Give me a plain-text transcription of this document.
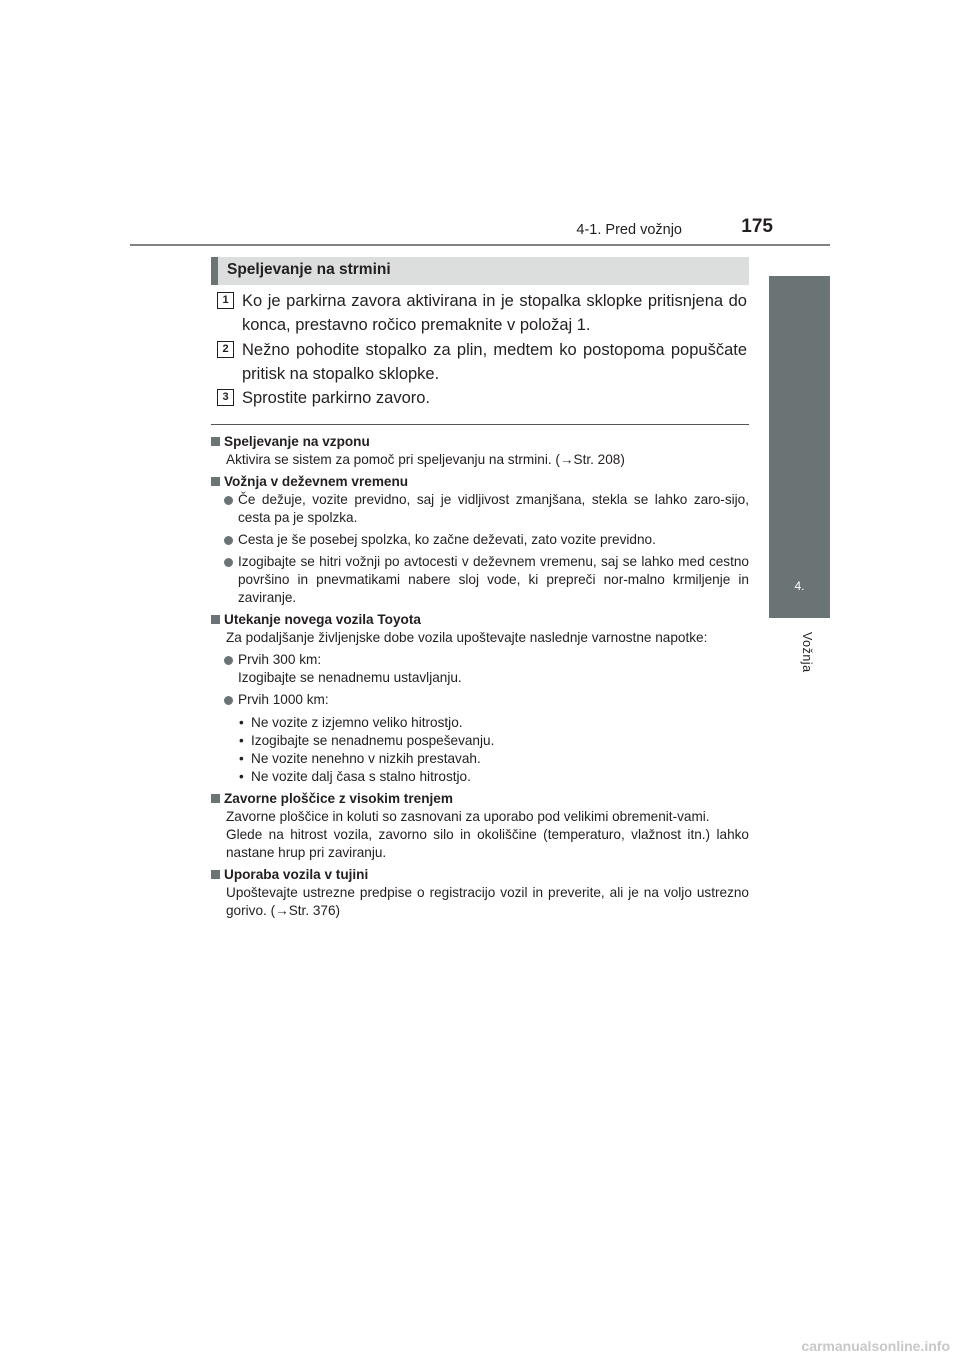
4-1. Pred vožnjo	175
4.
Vožnja
Speljevanje na strmini
1 Ko je parkirna zavora aktivirana in je stopalka sklopke pritisnjena do konca, prestavno ročico premaknite v položaj 1.
2 Nežno pohodite stopalko za plin, medtem ko postopoma popuščate pritisk na stopalko sklopke.
3 Sprostite parkirno zavoro.
Speljevanje na vzponu
Aktivira se sistem za pomoč pri speljevanju na strmini. (→Str. 208)
Vožnja v deževnem vremenu
Če dežuje, vozite previdno, saj je vidljivost zmanjšana, stekla se lahko zaro-sijo, cesta pa je spolzka.
Cesta je še posebej spolzka, ko začne deževati, zato vozite previdno.
Izogibajte se hitri vožnji po avtocesti v deževnem vremenu, saj se lahko med cestno površino in pnevmatikami nabere sloj vode, ki prepreči nor-malno krmiljenje in zaviranje.
Utekanje novega vozila Toyota
Za podaljšanje življenjske dobe vozila upoštevajte naslednje varnostne napotke:
Prvih 300 km:
Izogibajte se nenadnemu ustavljanju.
Prvih 1000 km:
• Ne vozite z izjemno veliko hitrostjo.
• Izogibajte se nenadnemu pospeševanju.
• Ne vozite nenehno v nizkih prestavah.
• Ne vozite dalj časa s stalno hitrostjo.
Zavorne ploščice z visokim trenjem
Zavorne ploščice in koluti so zasnovani za uporabo pod velikimi obremenit-vami.
Glede na hitrost vozila, zavorno silo in okoliščine (temperaturo, vlažnost itn.) lahko nastane hrup pri zaviranju.
Uporaba vozila v tujini
Upoštevajte ustrezne predpise o registracijo vozil in preverite, ali je na voljo ustrezno gorivo. (→Str. 376)
carmanualsonline.info
